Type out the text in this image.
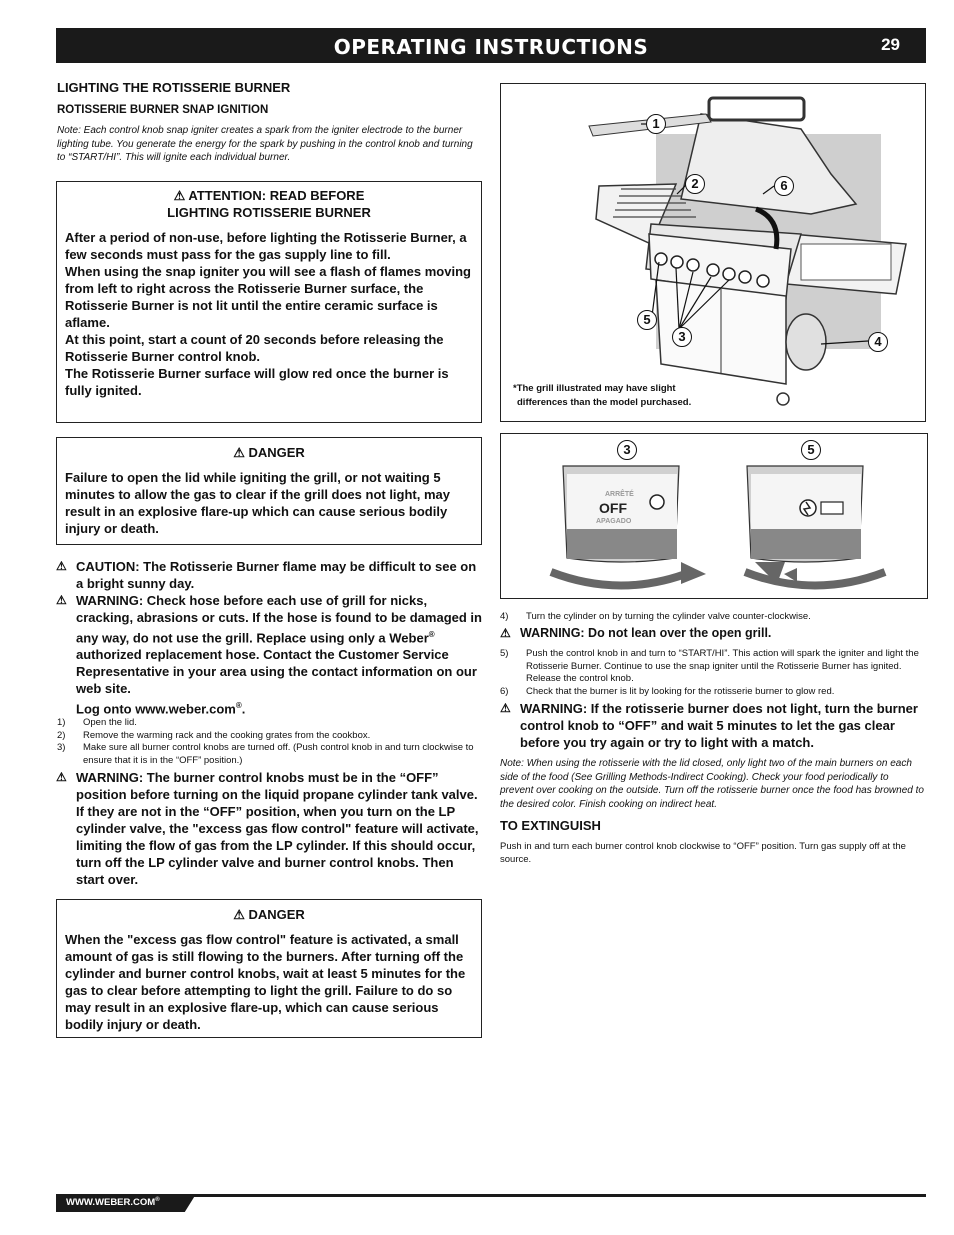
OPERATING INSTRUCTIONS	29
LIGHTING THE ROTISSERIE BURNER
ROTISSERIE BURNER SNAP IGNITION
Note: Each control knob snap igniter creates a spark from the igniter electrode to the burner lighting tube. You generate the energy for the spark by pushing in the control knob and turning to “START/HI”. This will ignite each individual burner.
⚠ ATTENTION: READ BEFORE
LIGHTING ROTISSERIE BURNER
After a period of non-use, before lighting the Rotisserie Burner, a few seconds must pass for the gas supply line to fill.
When using the snap igniter you will see a flash of flames moving from left to right across the Rotisserie Burner surface, the Rotisserie Burner is not lit until the entire ceramic surface is aflame.
At this point, start a count of 20 seconds before releasing the Rotisserie Burner control knob.
The Rotisserie Burner surface will glow red once the burner is fully ignited.
⚠ DANGER
Failure to open the lid while igniting the grill, or not waiting 5 minutes to allow the gas to clear if the grill does not light, may result in an explosive flare-up which can cause serious bodily injury or death.
⚠ CAUTION: The Rotisserie Burner flame may be difficult to see on a bright sunny day.
⚠ WARNING: Check hose before each use of grill for nicks, cracking, abrasions or cuts. If the hose is found to be damaged in any way, do not use the grill. Replace using only a Weber® authorized replacement hose. Contact the Customer Service Representative in your area using the contact information on our web site.
Log onto www.weber.com®.
1)	Open the lid.
2)	Remove the warming rack and the cooking grates from the cookbox.
3)	Make sure all burner control knobs are turned off. (Push control knob in and turn clockwise to ensure that it is in the “OFF” position.)
⚠ WARNING: The burner control knobs must be in the “OFF” position before turning on the liquid propane cylinder tank valve. If they are not in the “OFF” position, when you turn on the LP cylinder valve, the "excess gas flow control" feature will activate, limiting the flow of gas from the LP cylinder. If this should occur, turn off the LP cylinder valve and burner control knobs. Then start over.
⚠ DANGER
When the "excess gas flow control" feature is activated, a small amount of gas is still flowing to the burners. After turning off the cylinder and burner control knobs, wait at least 5 minutes for the gas to clear before attempting to light the grill. Failure to do so may result in an explosive flare-up, which can cause serious bodily injury or death.
1
2	6
5
3	4
*The grill illustrated may have slight
differences than the model purchased.
3	5
ARRÊTÉ
OFF
APAGADO
4)	Turn the cylinder on by turning the cylinder valve counter-clockwise.
⚠ WARNING: Do not lean over the open grill.
5)	Push the control knob in and turn to “START/HI”. This action will spark the igniter and light the Rotisserie Burner. Continue to use the snap igniter until the Rotisserie Burner has ignited. Release the control knob.
6)	Check that the burner is lit by looking for the rotisserie burner to glow red.
⚠ WARNING: If the rotisserie burner does not light, turn the burner control knob to “OFF” and wait 5 minutes to let the gas clear before you try again or try to light with a match.
Note: When using the rotisserie with the lid closed, only light two of the main burners on each side of the food (See Grilling Methods-Indirect Cooking). Check your food periodically to prevent over cooking on the outside. Turn off the rotisserie burner once the food has browned to the desired color. Finish cooking on indirect heat.
TO EXTINGUISH
Push in and turn each burner control knob clockwise to “OFF” position. Turn gas supply off at the source.
WWW.WEBER.COM®
